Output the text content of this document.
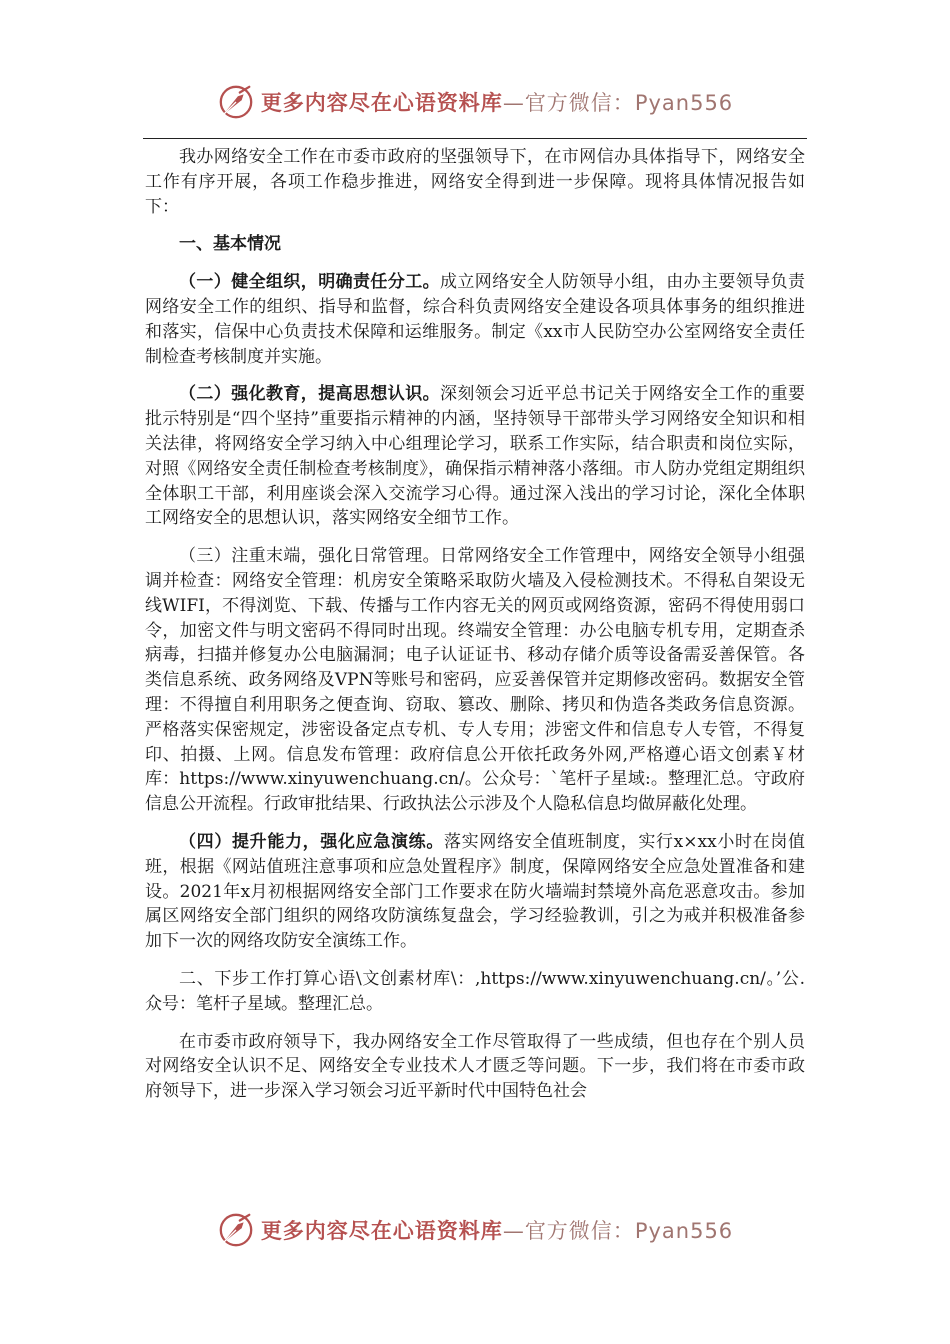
更多内容尽在心语资料库—官方微信：Pyan556

我办网络安全工作在市委市政府的坚强领导下，在市网信办具体指导下，网络安全工作有序开展，各项工作稳步推进，网络安全得到进一步保障。现将具体情况报告如下：

一、基本情况

（一）健全组织，明确责任分工。成立网络安全人防领导小组，由办主要领导负责网络安全工作的组织、指导和监督，综合科负责网络安全建设各项具体事务的组织推进和落实，信保中心负责技术保障和运维服务。制定《xx市人民防空办公室网络安全责任制检查考核制度并实施。

（二）强化教育，提高思想认识。深刻领会习近平总书记关于网络安全工作的重要批示特别是“四个坚持”重要指示精神的内涵，坚持领导干部带头学习网络安全知识和相关法律，将网络安全学习纳入中心组理论学习，联系工作实际，结合职责和岗位实际，对照《网络安全责任制检查考核制度》，确保指示精神落小落细。市人防办党组定期组织全体职工干部，利用座谈会深入交流学习心得。通过深入浅出的学习讨论，深化全体职工网络安全的思想认识，落实网络安全细节工作。

（三）注重末端，强化日常管理。日常网络安全工作管理中，网络安全领导小组强调并检查：网络安全管理：机房安全策略采取防火墙及入侵检测技术。不得私自架设无线WIFI，不得浏览、下载、传播与工作内容无关的网页或网络资源，密码不得使用弱口令，加密文件与明文密码不得同时出现。终端安全管理：办公电脑专机专用，定期查杀病毒，扫描并修复办公电脑漏洞；电子认证证书、移动存储介质等设备需妥善保管。各类信息系统、政务网络及VPN等账号和密码，应妥善保管并定期修改密码。数据安全管理：不得擅自利用职务之便查询、窃取、篡改、删除、拷贝和伪造各类政务信息资源。严格落实保密规定，涉密设备定点专机、专人专用；涉密文件和信息专人专管，不得复印、拍摄、上网。信息发布管理：政府信息公开依托政务外网,严格遵心语文创素￥材库：https://www.xinyuwenchuang.cn/。公众号：`笔杆子星域:。整理汇总。守政府信息公开流程。行政审批结果、行政执法公示涉及个人隐私信息均做屏蔽化处理。

（四）提升能力，强化应急演练。落实网络安全值班制度，实行x×xx小时在岗值班，根据《网站值班注意事项和应急处置程序》制度，保障网络安全应急处置准备和建设。2021年x月初根据网络安全部门工作要求在防火墙端封禁境外高危恶意攻击。参加属区网络安全部门组织的网络攻防演练复盘会，学习经验教训，引之为戒并积极准备参加下一次的网络攻防安全演练工作。

二、下步工作打算心语\文创素材库\：,https://www.xinyuwenchuang.cn/。’公.众号：笔杆子星域。整理汇总。

在市委市政府领导下，我办网络安全工作尽管取得了一些成绩，但也存在个别人员对网络安全认识不足、网络安全专业技术人才匮乏等问题。下一步，我们将在市委市政府领导下，进一步深入学习领会习近平新时代中国特色社会

更多内容尽在心语资料库—官方微信：Pyan556
